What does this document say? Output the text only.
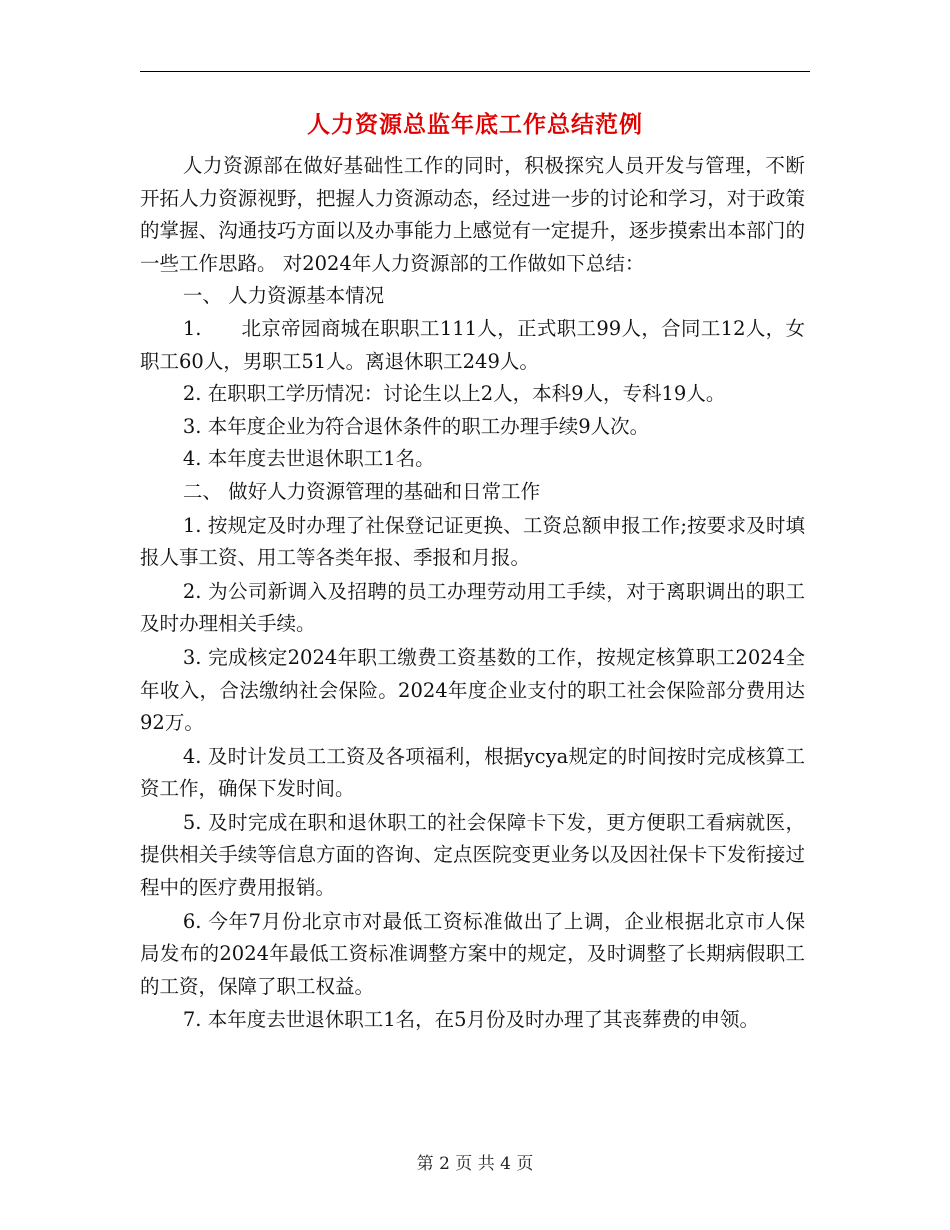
人力资源总监年底工作总结范例

人力资源部在做好基础性工作的同时，积极探究人员开发与管理，不断开拓人力资源视野，把握人力资源动态，经过进一步的讨论和学习，对于政策的掌握、沟通技巧方面以及办事能力上感觉有一定提升，逐步摸索出本部门的一些工作思路。 对2024年人力资源部的工作做如下总结：

一、 人力资源基本情况

1.　　北京帝园商城在职职工111人，正式职工99人，合同工12人，女职工60人，男职工51人。离退休职工249人。

2. 在职职工学历情况：讨论生以上2人，本科9人，专科19人。

3. 本年度企业为符合退休条件的职工办理手续9人次。

4. 本年度去世退休职工1名。

二、 做好人力资源管理的基础和日常工作

1. 按规定及时办理了社保登记证更换、工资总额申报工作;按要求及时填报人事工资、用工等各类年报、季报和月报。

2. 为公司新调入及招聘的员工办理劳动用工手续，对于离职调出的职工及时办理相关手续。

3. 完成核定2024年职工缴费工资基数的工作，按规定核算职工2024全年收入，合法缴纳社会保险。2024年度企业支付的职工社会保险部分费用达92万。

4. 及时计发员工工资及各项福利，根据ycya规定的时间按时完成核算工资工作，确保下发时间。

5. 及时完成在职和退休职工的社会保障卡下发，更方便职工看病就医，提供相关手续等信息方面的咨询、定点医院变更业务以及因社保卡下发衔接过程中的医疗费用报销。

6. 今年7月份北京市对最低工资标准做出了上调，企业根据北京市人保局发布的2024年最低工资标准调整方案中的规定，及时调整了长期病假职工的工资，保障了职工权益。

7. 本年度去世退休职工1名，在5月份及时办理了其丧葬费的申领。

第 2 页 共 4 页
